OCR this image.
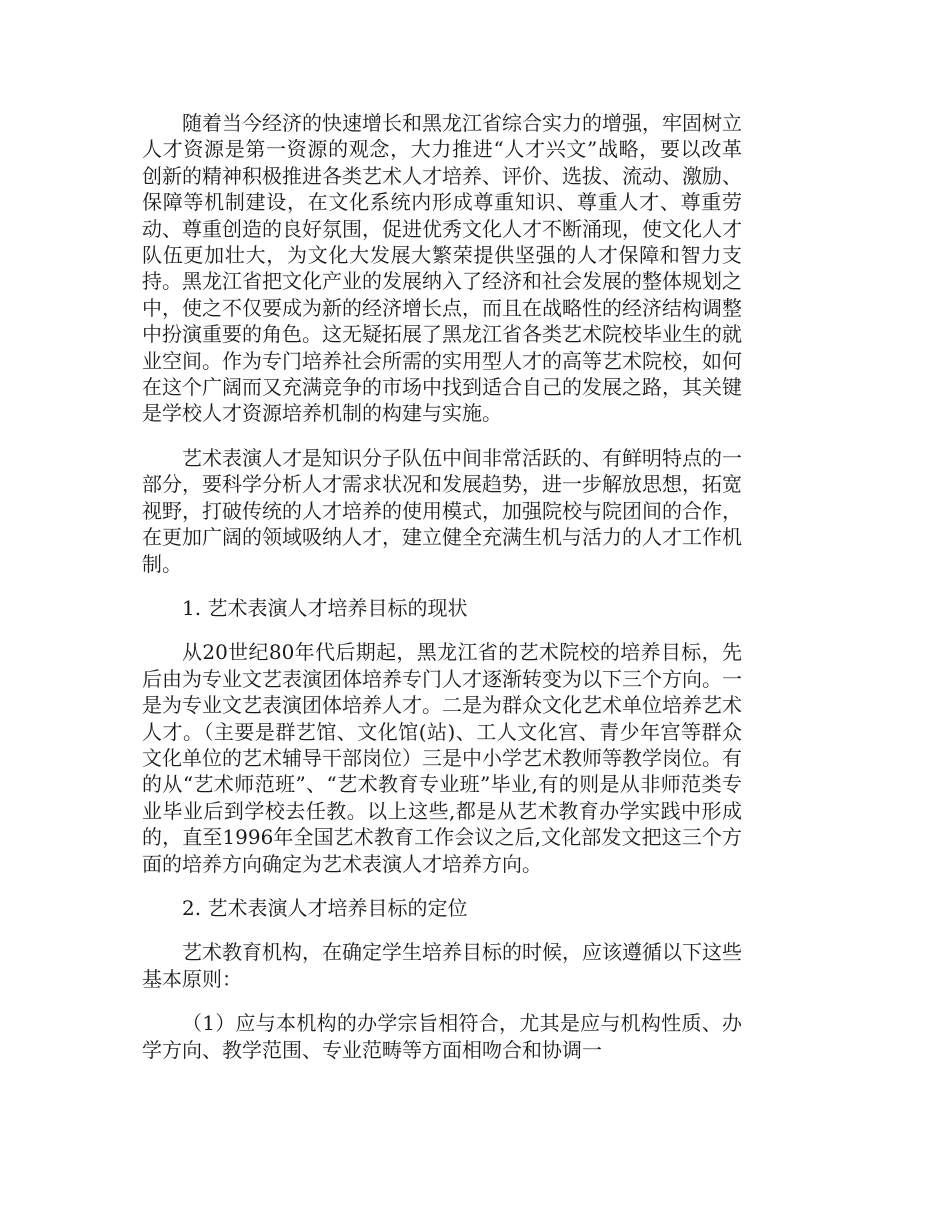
随着当今经济的快速增长和黑龙江省综合实力的增强，牢固树立人才资源是第一资源的观念，大力推进“人才兴文”战略，要以改革创新的精神积极推进各类艺术人才培养、评价、选拔、流动、激励、保障等机制建设，在文化系统内形成尊重知识、尊重人才、尊重劳动、尊重创造的良好氛围，促进优秀文化人才不断涌现，使文化人才队伍更加壮大，为文化大发展大繁荣提供坚强的人才保障和智力支持。黑龙江省把文化产业的发展纳入了经济和社会发展的整体规划之中，使之不仅要成为新的经济增长点，而且在战略性的经济结构调整中扮演重要的角色。这无疑拓展了黑龙江省各类艺术院校毕业生的就业空间。作为专门培养社会所需的实用型人才的高等艺术院校，如何在这个广阔而又充满竞争的市场中找到适合自己的发展之路，其关键是学校人才资源培养机制的构建与实施。

艺术表演人才是知识分子队伍中间非常活跃的、有鲜明特点的一部分，要科学分析人才需求状况和发展趋势，进一步解放思想，拓宽视野，打破传统的人才培养的使用模式，加强院校与院团间的合作，在更加广阔的领域吸纳人才，建立健全充满生机与活力的人才工作机制。

1. 艺术表演人才培养目标的现状

从20世纪80年代后期起，黑龙江省的艺术院校的培养目标，先后由为专业文艺表演团体培养专门人才逐渐转变为以下三个方向。一是为专业文艺表演团体培养人才。二是为群众文化艺术单位培养艺术人才。（主要是群艺馆、文化馆(站)、工人文化宫、青少年宫等群众文化单位的艺术辅导干部岗位）三是中小学艺术教师等教学岗位。有的从“艺术师范班”、“艺术教育专业班”毕业,有的则是从非师范类专业毕业后到学校去任教。以上这些,都是从艺术教育办学实践中形成的，直至1996年全国艺术教育工作会议之后,文化部发文把这三个方面的培养方向确定为艺术表演人才培养方向。

2. 艺术表演人才培养目标的定位

艺术教育机构，在确定学生培养目标的时候，应该遵循以下这些基本原则：

（1）应与本机构的办学宗旨相符合，尤其是应与机构性质、办学方向、教学范围、专业范畴等方面相吻合和协调一
